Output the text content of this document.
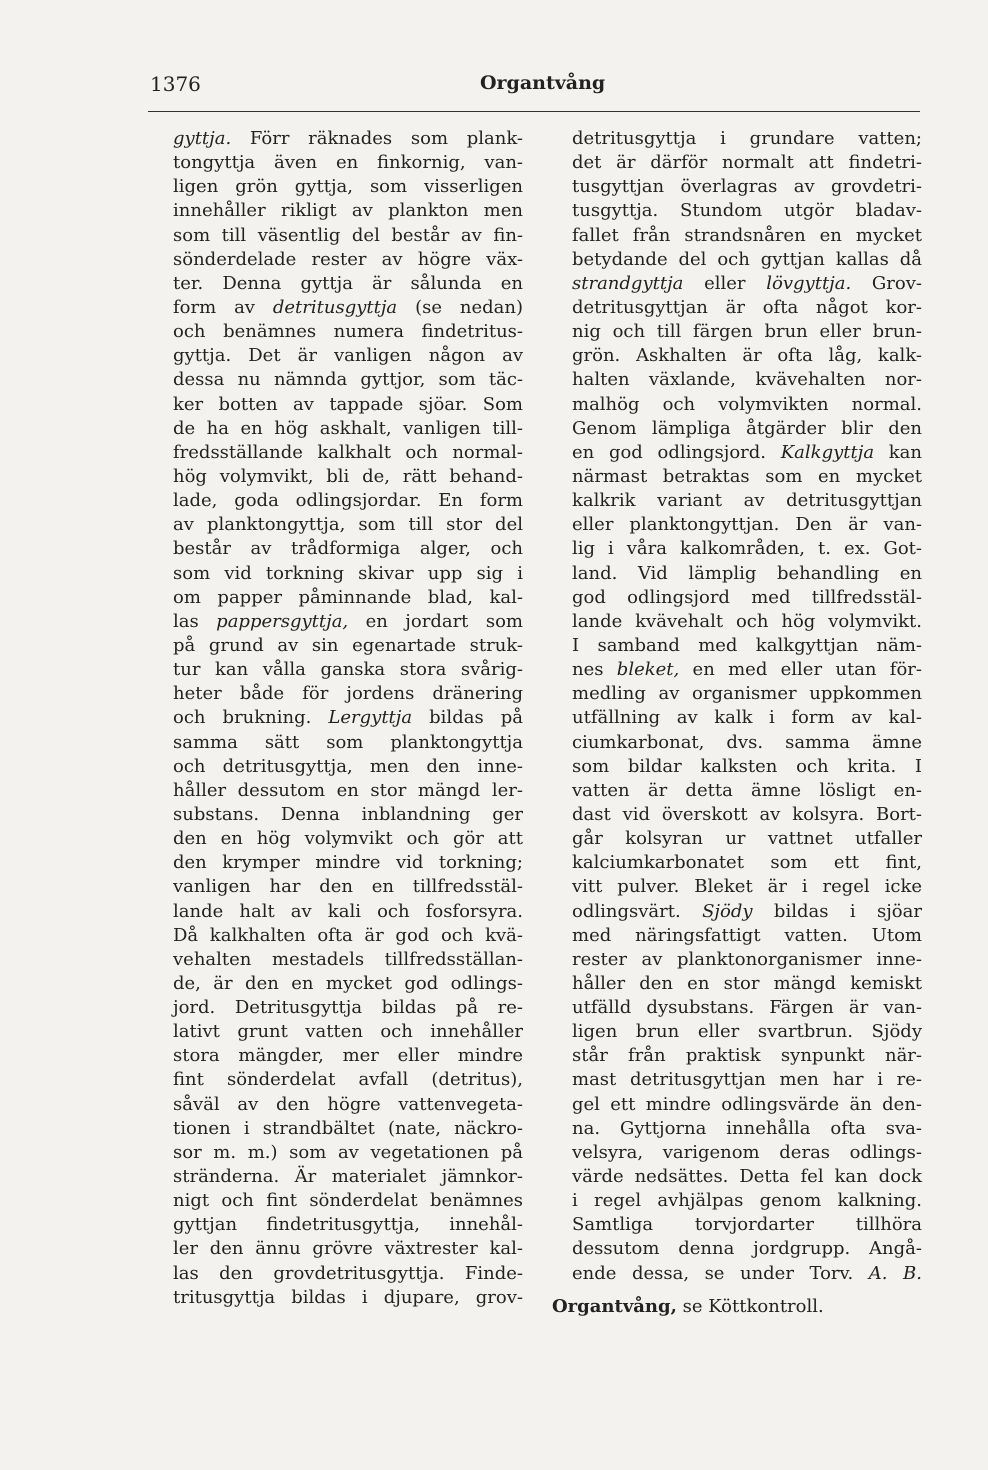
1376	Organtvång
gyttja. Förr räknades som plank-
tongyttja även en finkornig, van-
ligen grön gyttja, som visserligen
innehåller rikligt av plankton men
som till väsentlig del består av fin-
sönderdelade rester av högre väx-
ter. Denna gyttja är sålunda en
form av detritusgyttja (se nedan)
och benämnes numera findetritus-
gyttja. Det är vanligen någon av
dessa nu nämnda gyttjor, som täc-
ker botten av tappade sjöar. Som
de ha en hög askhalt, vanligen till-
fredsställande kalkhalt och normal-
hög volymvikt, bli de, rätt behand-
lade, goda odlingsjordar. En form
av planktongyttja, som till stor del
består av trådformiga alger, och
som vid torkning skivar upp sig i
om papper påminnande blad, kal-
las pappersgyttja, en jordart som
på grund av sin egenartade struk-
tur kan vålla ganska stora svårig-
heter både för jordens dränering
och brukning. Lergyttja bildas på
samma sätt som planktongyttja
och detritusgyttja, men den inne-
håller dessutom en stor mängd ler-
substans. Denna inblandning ger
den en hög volymvikt och gör att
den krymper mindre vid torkning;
vanligen har den en tillfredsstäl-
lande halt av kali och fosforsyra.
Då kalkhalten ofta är god och kvä-
vehalten mestadels tillfredsställan-
de, är den en mycket god odlings-
jord. Detritusgyttja bildas på re-
lativt grunt vatten och innehåller
stora mängder, mer eller mindre
fint sönderdelat avfall (detritus),
såväl av den högre vattenvegeta-
tionen i strandbältet (nate, näckro-
sor m. m.) som av vegetationen på
stränderna. Är materialet jämnkor-
nigt och fint sönderdelat benämnes
gyttjan findetritusgyttja, innehål-
ler den ännu grövre växtrester kal-
las den grovdetritusgyttja. Finde-
tritusgyttja bildas i djupare, grov-
detritusgyttja i grundare vatten;
det är därför normalt att findetri-
tusgyttjan överlagras av grovdetri-
tusgyttja. Stundom utgör bladav-
fallet från strandsnåren en mycket
betydande del och gyttjan kallas då
strandgyttja eller lövgyttja. Grov-
detritusgyttjan är ofta något kor-
nig och till färgen brun eller brun-
grön. Askhalten är ofta låg, kalk-
halten växlande, kvävehalten nor-
malhög och volymvikten normal.
Genom lämpliga åtgärder blir den
en god odlingsjord. Kalkgyttja kan
närmast betraktas som en mycket
kalkrik variant av detritusgyttjan
eller planktongyttjan. Den är van-
lig i våra kalkområden, t. ex. Got-
land. Vid lämplig behandling en
god odlingsjord med tillfredsstäl-
lande kvävehalt och hög volymvikt.
I samband med kalkgyttjan näm-
nes bleket, en med eller utan för-
medling av organismer uppkommen
utfällning av kalk i form av kal-
ciumkarbonat, dvs. samma ämne
som bildar kalksten och krita. I
vatten är detta ämne lösligt en-
dast vid överskott av kolsyra. Bort-
går kolsyran ur vattnet utfaller
kalciumkarbonatet som ett fint,
vitt pulver. Bleket är i regel icke
odlingsvärt. Sjödy bildas i sjöar
med näringsfattigt vatten. Utom
rester av planktonorganismer inne-
håller den en stor mängd kemiskt
utfälld dysubstans. Färgen är van-
ligen brun eller svartbrun. Sjödy
står från praktisk synpunkt när-
mast detritusgyttjan men har i re-
gel ett mindre odlingsvärde än den-
na. Gyttjorna innehålla ofta sva-
velsyra, varigenom deras odlings-
värde nedsättes. Detta fel kan dock
i regel avhjälpas genom kalkning.
Samtliga torvjordarter tillhöra
dessutom denna jordgrupp. Angå-
ende dessa, se under Torv. A. B.
Organtvång, se Köttkontroll.
